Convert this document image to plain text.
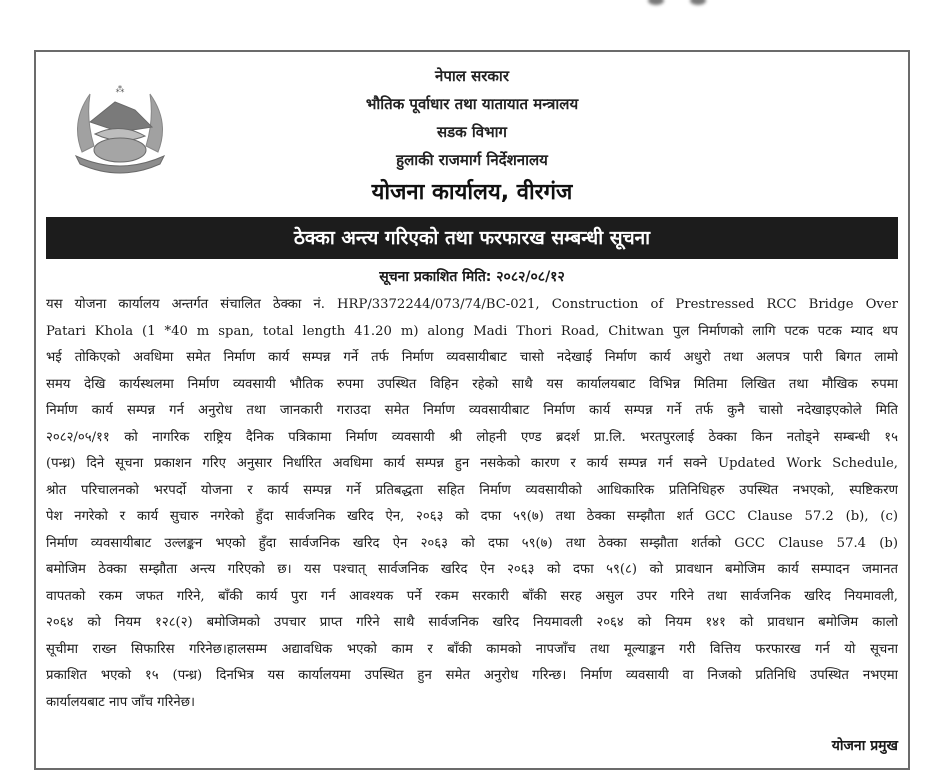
⁂
नेपाल सरकार
भौतिक पूर्वाधार तथा यातायात मन्त्रालय
सडक विभाग
हुलाकी राजमार्ग निर्देशनालय
योजना कार्यालय, वीरगंज
ठेक्का अन्त्य गरिएको तथा फरफारख सम्बन्धी सूचना
सूचना प्रकाशित मिति: २०८२/०८/१२
यस योजना कार्यालय अन्तर्गत संचालित ठेक्का नं. HRP/3372244/073/74/BC-021, Construction of Prestressed RCC Bridge Over
Patari Khola (1 *40 m span, total length 41.20 m) along Madi Thori Road, Chitwan पुल निर्माणको लागि पटक पटक म्याद थप
भई तोकिएको अवधिमा समेत निर्माण कार्य सम्पन्न गर्ने तर्फ निर्माण व्यवसायीबाट चासो नदेखाई निर्माण कार्य अधुरो तथा अलपत्र पारी बिगत लामो
समय देखि कार्यस्थलमा निर्माण व्यवसायी भौतिक रुपमा उपस्थित विहिन रहेको साथै यस कार्यालयबाट विभिन्न मितिमा लिखित तथा मौखिक रुपमा
निर्माण कार्य सम्पन्न गर्न अनुरोध तथा जानकारी गराउदा समेत निर्माण व्यवसायीबाट निर्माण कार्य सम्पन्न गर्ने तर्फ कुनै चासो नदेखाइएकोले मिति
२०८२/०५/११ को नागरिक राष्ट्रिय दैनिक पत्रिकामा निर्माण व्यवसायी श्री लोहनी एण्ड ब्रदर्श प्रा.लि. भरतपुरलाई ठेक्का किन नतोड्ने सम्बन्धी १५
(पन्ध्र) दिने सूचना प्रकाशन गरिए अनुसार निर्धारित अवधिमा कार्य सम्पन्न हुन नसकेको कारण र कार्य सम्पन्न गर्न सक्ने Updated Work Schedule,
श्रोत परिचालनको भरपर्दो योजना र कार्य सम्पन्न गर्ने प्रतिबद्धता सहित निर्माण व्यवसायीको आधिकारिक प्रतिनिधिहरु उपस्थित नभएको, स्पष्टिकरण
पेश नगरेको र कार्य सुचारु नगरेको हुँदा सार्वजनिक खरिद ऐन, २०६३ को दफा ५९(७) तथा ठेक्का सम्झौता शर्त GCC Clause 57.2 (b), (c)
निर्माण व्यवसायीबाट उल्लङ्कन भएको हुँदा सार्वजनिक खरिद ऐन २०६३ को दफा ५९(७) तथा ठेक्का सम्झौता शर्तको GCC Clause 57.4 (b)
बमोजिम ठेक्का सम्झौता अन्त्य गरिएको छ। यस पश्चात् सार्वजनिक खरिद ऐन २०६३ को दफा ५९(८) को प्रावधान बमोजिम कार्य सम्पादन जमानत
वापतको रकम जफत गरिने, बाँकी कार्य पुरा गर्न आवश्यक पर्ने रकम सरकारी बाँकी सरह असुल उपर गरिने तथा सार्वजनिक खरिद नियमावली,
२०६४ को नियम १२८(२) बमोजिमको उपचार प्राप्त गरिने साथै सार्वजनिक खरिद नियमावली २०६४ को नियम १४१ को प्रावधान बमोजिम कालो
सूचीमा राख्न सिफारिस गरिनेछ।हालसम्म अद्यावधिक भएको काम र बाँकी कामको नापजाँच तथा मूल्याङ्कन गरी वित्तिय फरफारख गर्न यो सूचना
प्रकाशित भएको १५ (पन्ध्र) दिनभित्र यस कार्यालयमा उपस्थित हुन समेत अनुरोध गरिन्छ। निर्माण व्यवसायी वा निजको प्रतिनिधि उपस्थित नभएमा
कार्यालयबाट नाप जाँच गरिनेछ।
योजना प्रमुख
